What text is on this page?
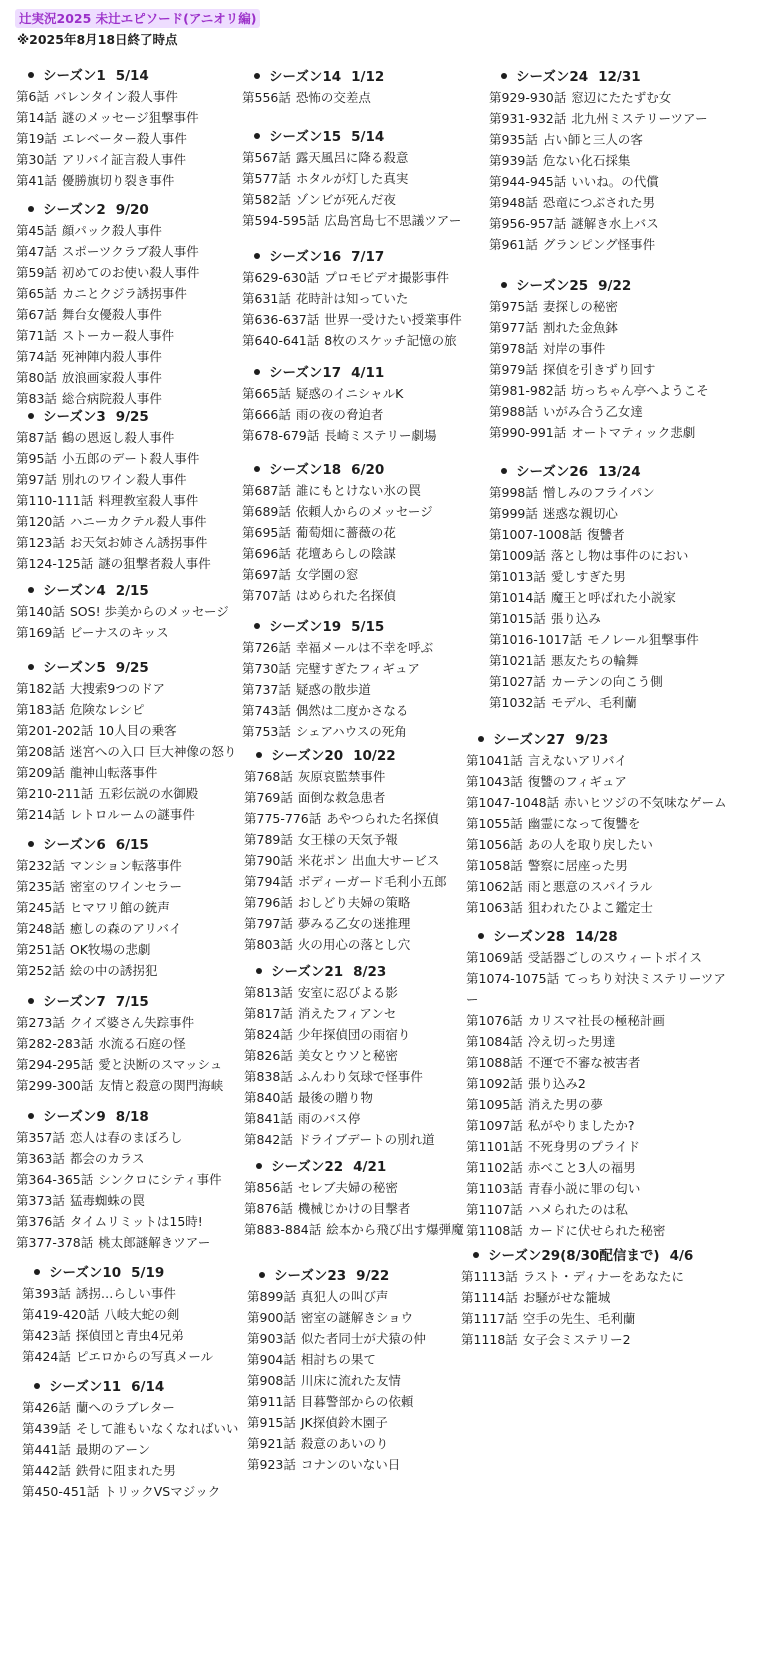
辻実況2025 未辻エピソード(アニオリ編)
※2025年8月18日終了時点
シーズン1 5/14
第6話 バレンタイン殺人事件
第14話 謎のメッセージ狙撃事件
第19話 エレベーター殺人事件
第30話 アリバイ証言殺人事件
第41話 優勝旗切り裂き事件
シーズン2 9/20
第45話 顔パック殺人事件
第47話 スポーツクラブ殺人事件
第59話 初めてのお使い殺人事件
第65話 カニとクジラ誘拐事件
第67話 舞台女優殺人事件
第71話 ストーカー殺人事件
第74話 死神陣内殺人事件
第80話 放浪画家殺人事件
第83話 総合病院殺人事件
シーズン3 9/25
第87話 鶴の恩返し殺人事件
第95話 小五郎のデート殺人事件
第97話 別れのワイン殺人事件
第110-111話 料理教室殺人事件
第120話 ハニーカクテル殺人事件
第123話 お天気お姉さん誘拐事件
第124-125話 謎の狙撃者殺人事件
シーズン4 2/15
第140話 SOS! 歩美からのメッセージ
第169話 ビーナスのキッス
シーズン5 9/25
第182話 大捜索9つのドア
第183話 危険なレシピ
第201-202話 10人目の乗客
第208話 迷宮への入口 巨大神像の怒り
第209話 龍神山転落事件
第210-211話 五彩伝説の水御殿
第214話 レトロルームの謎事件
シーズン6 6/15
第232話 マンション転落事件
第235話 密室のワインセラー
第245話 ヒマワリ館の銃声
第248話 癒しの森のアリバイ
第251話 OK牧場の悲劇
第252話 絵の中の誘拐犯
シーズン7 7/15
第273話 クイズ婆さん失踪事件
第282-283話 水流る石庭の怪
第294-295話 愛と決断のスマッシュ
第299-300話 友情と殺意の関門海峡
シーズン9 8/18
第357話 恋人は春のまぼろし
第363話 都会のカラス
第364-365話 シンクロにシティ事件
第373話 猛毒蜘蛛の罠
第376話 タイムリミットは15時!
第377-378話 桃太郎謎解きツアー
シーズン10 5/19
第393話 誘拐…らしい事件
第419-420話 八岐大蛇の剣
第423話 探偵団と青虫4兄弟
第424話 ピエロからの写真メール
シーズン11 6/14
第426話 蘭へのラブレター
第439話 そして誰もいなくなればいい
第441話 最期のアーン
第442話 鉄骨に阻まれた男
第450-451話 トリックVSマジック
シーズン14 1/12
第556話 恐怖の交差点
シーズン15 5/14
第567話 露天風呂に降る殺意
第577話 ホタルが灯した真実
第582話 ゾンビが死んだ夜
第594-595話 広島宮島七不思議ツアー
シーズン16 7/17
第629-630話 プロモビデオ撮影事件
第631話 花時計は知っていた
第636-637話 世界一受けたい授業事件
第640-641話 8枚のスケッチ記憶の旅
シーズン17 4/11
第665話 疑惑のイニシャルK
第666話 雨の夜の脅迫者
第678-679話 長崎ミステリー劇場
シーズン18 6/20
第687話 誰にもとけない氷の罠
第689話 依頼人からのメッセージ
第695話 葡萄畑に薔薇の花
第696話 花壇あらしの陰謀
第697話 女学園の窓
第707話 はめられた名探偵
シーズン19 5/15
第726話 幸福メールは不幸を呼ぶ
第730話 完璧すぎたフィギュア
第737話 疑惑の散歩道
第743話 偶然は二度かさなる
第753話 シェアハウスの死角
シーズン20 10/22
第768話 灰原哀監禁事件
第769話 面倒な救急患者
第775-776話 あやつられた名探偵
第789話 女王様の天気予報
第790話 米花ポン 出血大サービス
第794話 ボディーガード毛利小五郎
第796話 おしどり夫婦の策略
第797話 夢みる乙女の迷推理
第803話 火の用心の落とし穴
シーズン21 8/23
第813話 安室に忍びよる影
第817話 消えたフィアンセ
第824話 少年探偵団の雨宿り
第826話 美女とウソと秘密
第838話 ふんわり気球で怪事件
第840話 最後の贈り物
第841話 雨のバス停
第842話 ドライブデートの別れ道
シーズン22 4/21
第856話 セレブ夫婦の秘密
第876話 機械じかけの目撃者
第883-884話 絵本から飛び出す爆弾魔
シーズン23 9/22
第899話 真犯人の叫び声
第900話 密室の謎解きショウ
第903話 似た者同士が犬猿の仲
第904話 相討ちの果て
第908話 川床に流れた友情
第911話 目暮警部からの依頼
第915話 JK探偵鈴木園子
第921話 殺意のあいのり
第923話 コナンのいない日
シーズン24 12/31
第929-930話 窓辺にたたずむ女
第931-932話 北九州ミステリーツアー
第935話 占い師と三人の客
第939話 危ない化石採集
第944-945話 いいね。の代償
第948話 恐竜につぶされた男
第956-957話 謎解き水上バス
第961話 グランピング怪事件
シーズン25 9/22
第975話 妻探しの秘密
第977話 割れた金魚鉢
第978話 対岸の事件
第979話 探偵を引きずり回す
第981-982話 坊っちゃん亭へようこそ
第988話 いがみ合う乙女達
第990-991話 オートマティック悲劇
シーズン26 13/24
第998話 憎しみのフライパン
第999話 迷惑な親切心
第1007-1008話 復讐者
第1009話 落とし物は事件のにおい
第1013話 愛しすぎた男
第1014話 魔王と呼ばれた小説家
第1015話 張り込み
第1016-1017話 モノレール狙撃事件
第1021話 悪友たちの輪舞
第1027話 カーテンの向こう側
第1032話 モデル、毛利蘭
シーズン27 9/23
第1041話 言えないアリバイ
第1043話 復讐のフィギュア
第1047-1048話 赤いヒツジの不気味なゲーム
第1055話 幽霊になって復讐を
第1056話 あの人を取り戻したい
第1058話 警察に居座った男
第1062話 雨と悪意のスパイラル
第1063話 狙われたひよこ鑑定士
シーズン28 14/28
第1069話 受話器ごしのスウィートボイス
第1074-1075話 てっちり対決ミステリーツアー
第1076話 カリスマ社長の極秘計画
第1084話 冷え切った男達
第1088話 不運で不審な被害者
第1092話 張り込み2
第1095話 消えた男の夢
第1097話 私がやりましたか?
第1101話 不死身男のプライド
第1102話 赤べこと3人の福男
第1103話 青春小説に罪の匂い
第1107話 ハメられたのは私
第1108話 カードに伏せられた秘密
シーズン29(8/30配信まで) 4/6
第1113話 ラスト・ディナーをあなたに
第1114話 お騒がせな籠城
第1117話 空手の先生、毛利蘭
第1118話 女子会ミステリー2
